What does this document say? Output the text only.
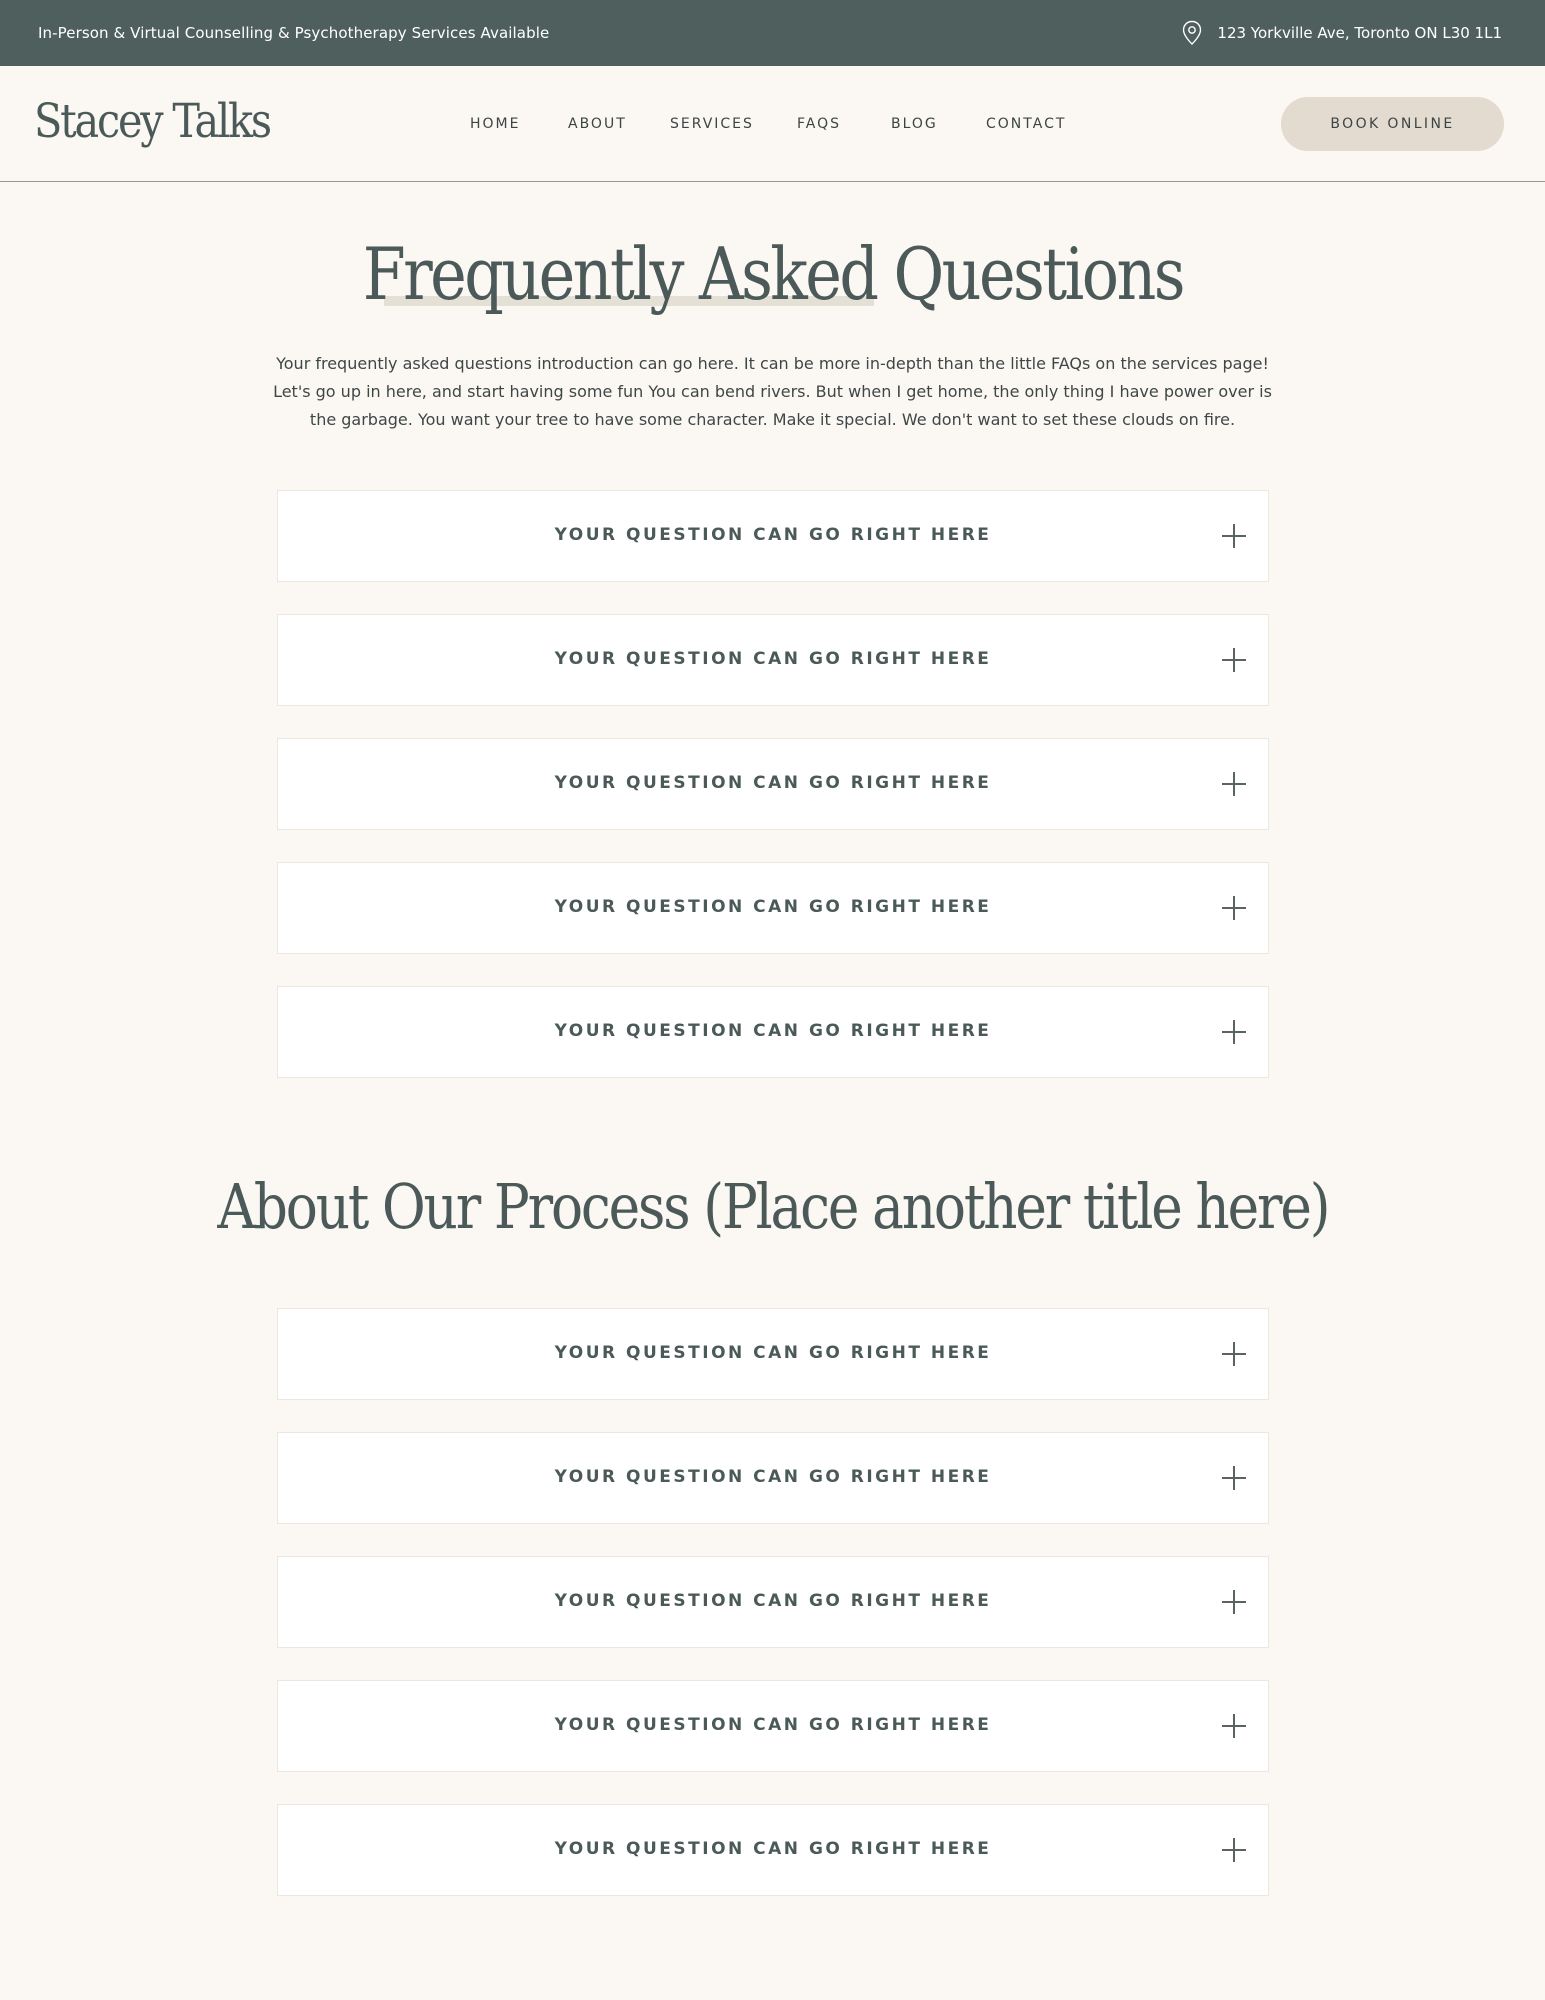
In-Person & Virtual Counselling & Psychotherapy Services Available	123 Yorkville Ave, Toronto ON L30 1L1
Stacey Talks	HOME	ABOUT	SERVICES	FAQS	BLOG	CONTACT	BOOK ONLINE
Frequently Asked Questions

Your frequently asked questions introduction can go here. It can be more in-depth than the little FAQs on the services page! Let's go up in here, and start having some fun You can bend rivers. But when I get home, the only thing I have power over is the garbage. You want your tree to have some character. Make it special. We don't want to set these clouds on fire.

YOUR QUESTION CAN GO RIGHT HERE
YOUR QUESTION CAN GO RIGHT HERE
YOUR QUESTION CAN GO RIGHT HERE
YOUR QUESTION CAN GO RIGHT HERE
YOUR QUESTION CAN GO RIGHT HERE
About Our Process (Place another title here)
YOUR QUESTION CAN GO RIGHT HERE
YOUR QUESTION CAN GO RIGHT HERE
YOUR QUESTION CAN GO RIGHT HERE
YOUR QUESTION CAN GO RIGHT HERE
YOUR QUESTION CAN GO RIGHT HERE
